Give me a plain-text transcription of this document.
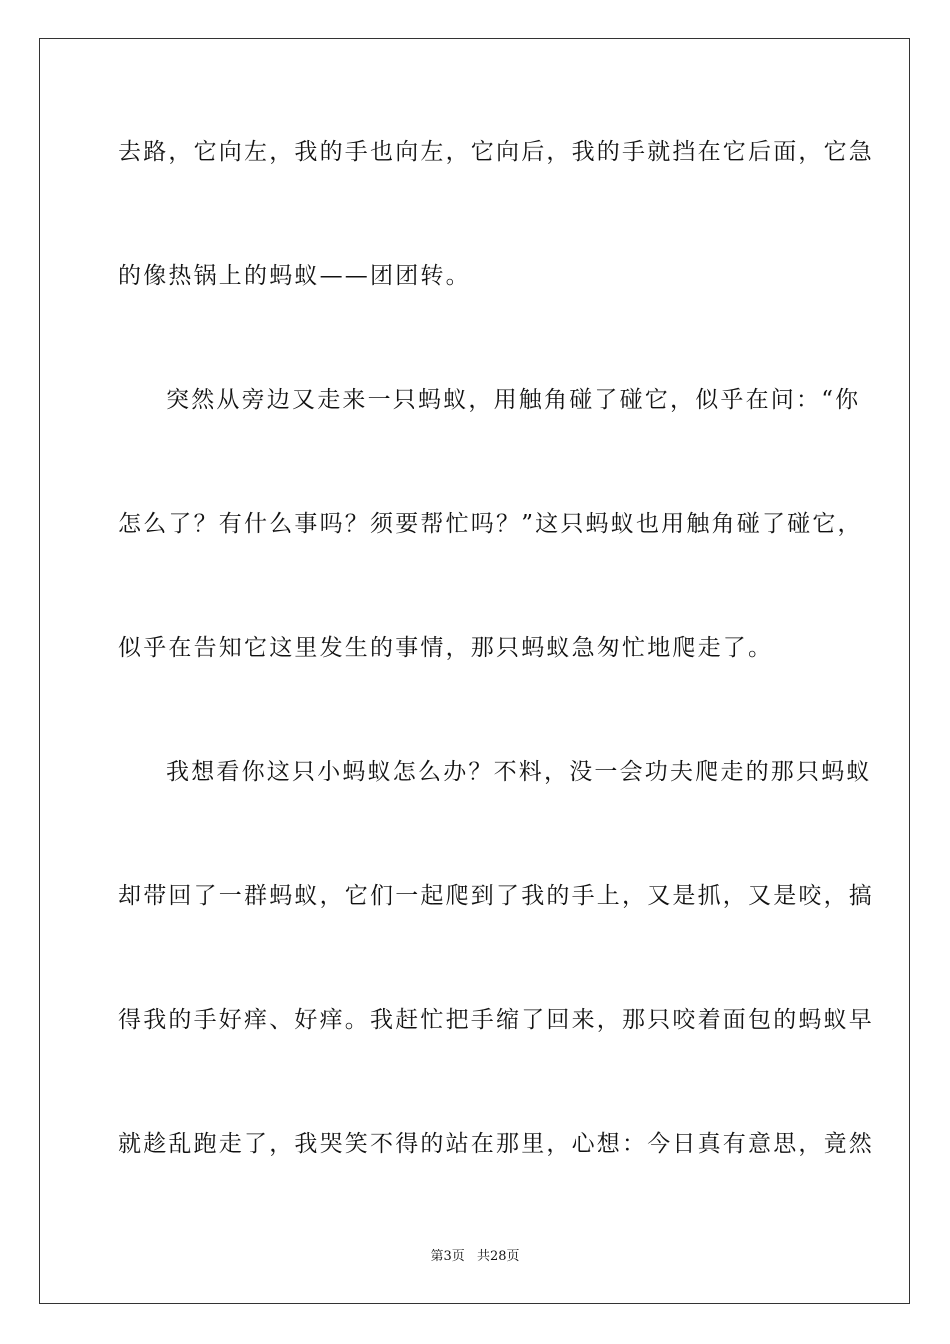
去路，它向左，我的手也向左，它向后，我的手就挡在它后面，它急
的像热锅上的蚂蚁——团团转。
突然从旁边又走来一只蚂蚁，用触角碰了碰它，似乎在问：“你
怎么了？有什么事吗？须要帮忙吗？”这只蚂蚁也用触角碰了碰它，
似乎在告知它这里发生的事情，那只蚂蚁急匆忙地爬走了。
我想看你这只小蚂蚁怎么办？不料，没一会功夫爬走的那只蚂蚁
却带回了一群蚂蚁，它们一起爬到了我的手上，又是抓，又是咬，搞
得我的手好痒、好痒。我赶忙把手缩了回来，那只咬着面包的蚂蚁早
就趁乱跑走了，我哭笑不得的站在那里，心想：今日真有意思，竟然
第3页 共28页
